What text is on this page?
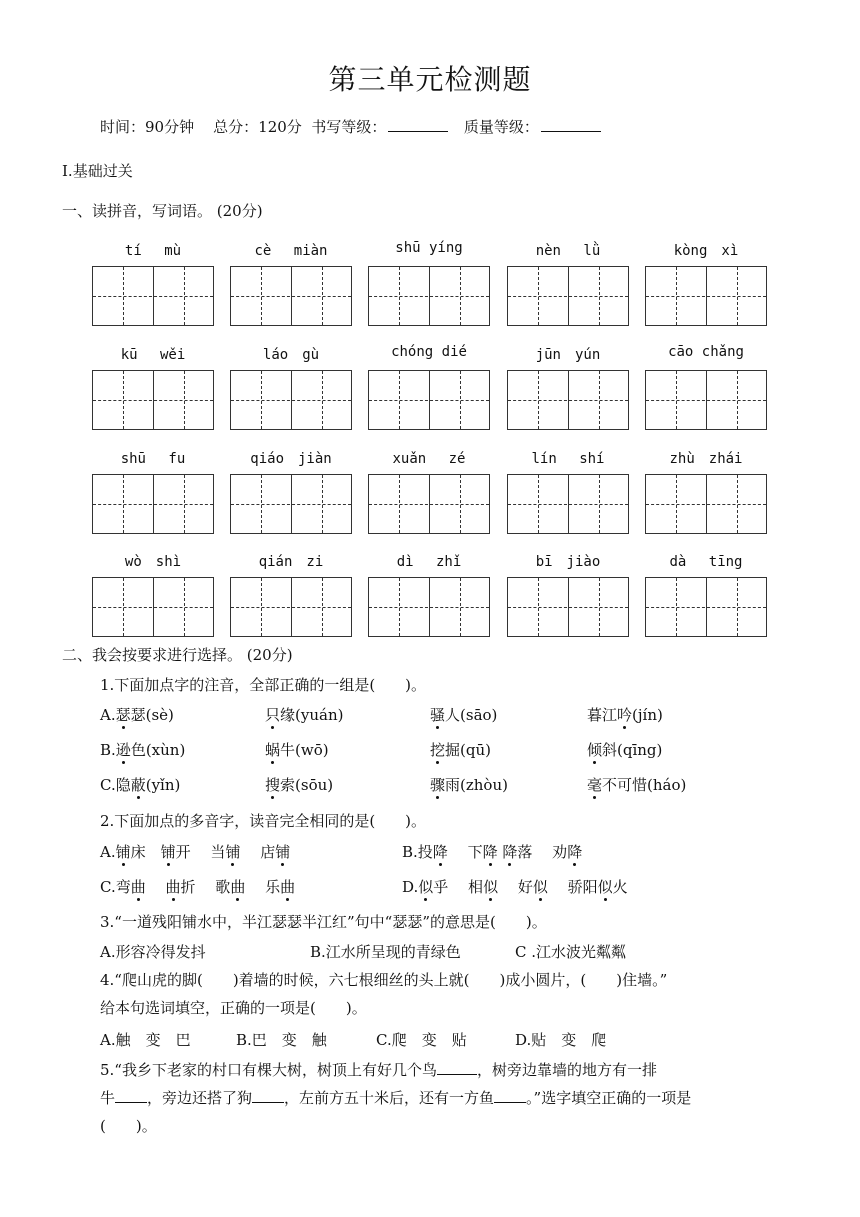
第三单元检测题
时间：90分钟 总分：120分 书写等级：	质量等级：
Ⅰ.基础过关
一、读拼音，写词语。 (20分)
tí　 mù	cè　 miàn	shū yíng	nèn　 lǜ	kòng　xì
kū　 wěi	láo　gù	chóng dié	jūn　yún	cāo chǎng
shū　 fu	qiáo　jiàn	xuǎn　 zé	lín　 shí	zhù　zhái
wò　shì	qián　zi	dì　 zhǐ	bī　jiào	dà　 tīng
二、我会按要求进行选择。 (20分)
1.下面加点字的注音，全部正确的一组是(　　)。
A.瑟瑟(sè)	只缘(yuán)	骚人(sāo)	暮江吟(jín)
B.逊色(xùn)	蜗牛(wō)	挖掘(qū)	倾斜(qīng)
C.隐蔽(yǐn)	搜索(sōu)	骤雨(zhòu)	毫不可惜(háo)
2.下面加点的多音字，读音完全相同的是(　　)。
A.铺床　铺开　 当铺　 店铺	B.投降　 下降 降落　 劝降
C.弯曲　 曲折　 歌曲　 乐曲	D.似乎　 相似　 好似　 骄阳似火
3.“一道残阳铺水中，半江瑟瑟半江红”句中“瑟瑟”的意思是(　　)。
A.形容冷得发抖	B.江水所呈现的青绿色	C .江水波光粼粼
4.“爬山虎的脚(　　)着墙的时候，六七根细丝的头上就(　　)成小圆片，(　　)住墙。”
给本句选词填空，正确的一项是(　　)。
A.触　变　巴	B.巴　变　触	C.爬　变　贴	D.贴　变　爬
5.“我乡下老家的村口有棵大树，树顶上有好几个鸟	，树旁边靠墙的地方有一排
牛 ，旁边还搭了狗 ，左前方五十米后，还有一方鱼 。”选字填空正确的一项是
(　　)。
